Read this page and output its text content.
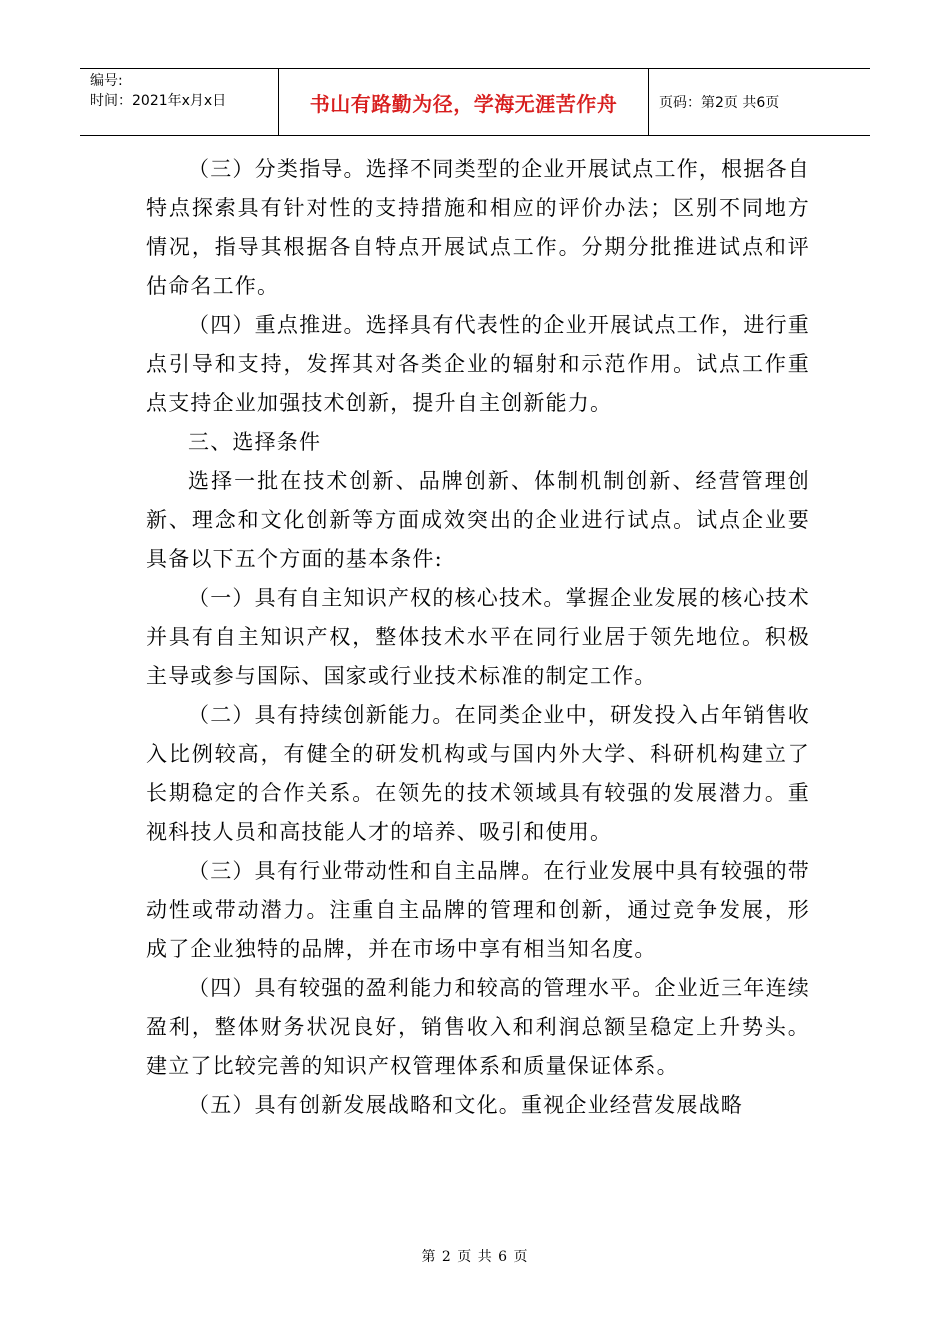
编号:
时间：2021年x月x日	书山有路勤为径，学海无涯苦作舟	页码：第2页 共6页

（三）分类指导。选择不同类型的企业开展试点工作，根据各自特点探索具有针对性的支持措施和相应的评价办法；区别不同地方情况，指导其根据各自特点开展试点工作。分期分批推进试点和评估命名工作。

（四）重点推进。选择具有代表性的企业开展试点工作，进行重点引导和支持，发挥其对各类企业的辐射和示范作用。试点工作重点支持企业加强技术创新，提升自主创新能力。

三、选择条件

选择一批在技术创新、品牌创新、体制机制创新、经营管理创新、理念和文化创新等方面成效突出的企业进行试点。试点企业要具备以下五个方面的基本条件:

（一）具有自主知识产权的核心技术。掌握企业发展的核心技术并具有自主知识产权，整体技术水平在同行业居于领先地位。积极主导或参与国际、国家或行业技术标准的制定工作。

（二）具有持续创新能力。在同类企业中，研发投入占年销售收入比例较高，有健全的研发机构或与国内外大学、科研机构建立了长期稳定的合作关系。在领先的技术领域具有较强的发展潜力。重视科技人员和高技能人才的培养、吸引和使用。

（三）具有行业带动性和自主品牌。在行业发展中具有较强的带动性或带动潜力。注重自主品牌的管理和创新，通过竞争发展，形成了企业独特的品牌，并在市场中享有相当知名度。

（四）具有较强的盈利能力和较高的管理水平。企业近三年连续盈利，整体财务状况良好，销售收入和利润总额呈稳定上升势头。建立了比较完善的知识产权管理体系和质量保证体系。

（五）具有创新发展战略和文化。重视企业经营发展战略

第 2 页 共 6 页
